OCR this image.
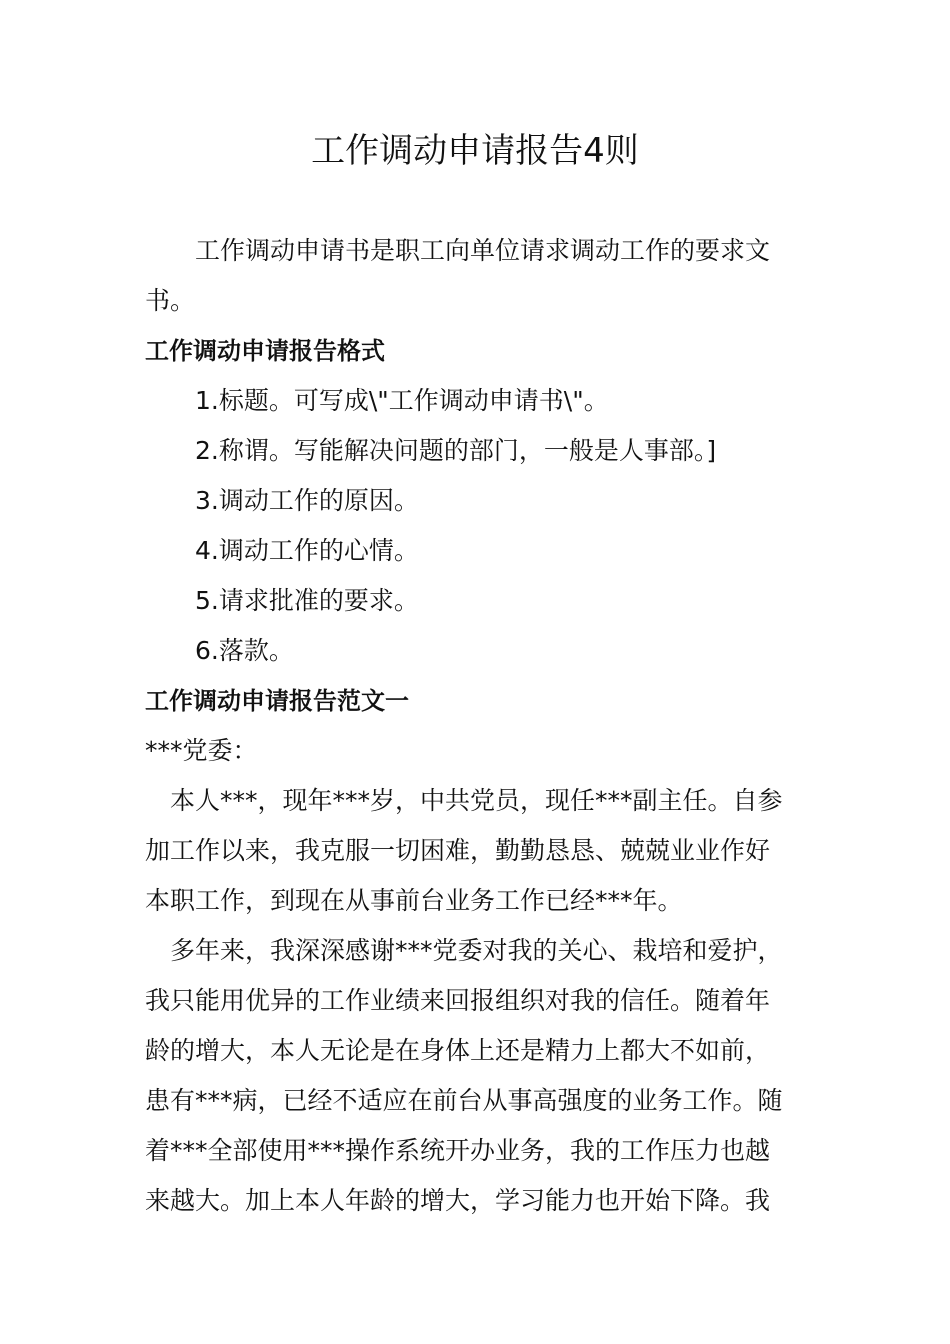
工作调动申请报告4则

工作调动申请书是职工向单位请求调动工作的要求文

书。

工作调动申请报告格式

1.标题。可写成\"工作调动申请书\"。

2.称谓。写能解决问题的部门，一般是人事部。]

3.调动工作的原因。

4.调动工作的心情。

5.请求批准的要求。

6.落款。

工作调动申请报告范文一

***党委：

本人***，现年***岁，中共党员，现任***副主任。自参

加工作以来，我克服一切困难，勤勤恳恳、兢兢业业作好

本职工作，到现在从事前台业务工作已经***年。

多年来，我深深感谢***党委对我的关心、栽培和爱护，

我只能用优异的工作业绩来回报组织对我的信任。随着年

龄的增大，本人无论是在身体上还是精力上都大不如前，

患有***病，已经不适应在前台从事高强度的业务工作。随

着***全部使用***操作系统开办业务，我的工作压力也越

来越大。加上本人年龄的增大，学习能力也开始下降。我
